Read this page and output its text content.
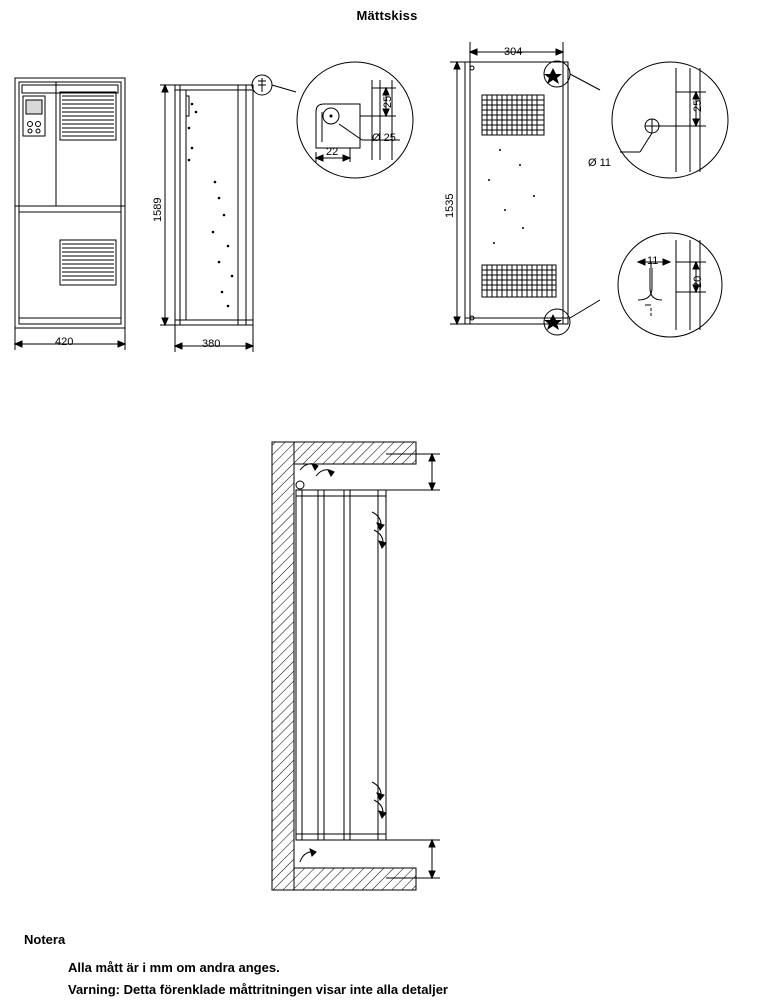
Mättskiss
420
1589
380
304
1535
25
Ø 25
22
25
Ø 11
11
20
Notera
Alla mått är i mm om andra anges.
Varning: Detta förenklade måttritningen visar inte alla detaljer
